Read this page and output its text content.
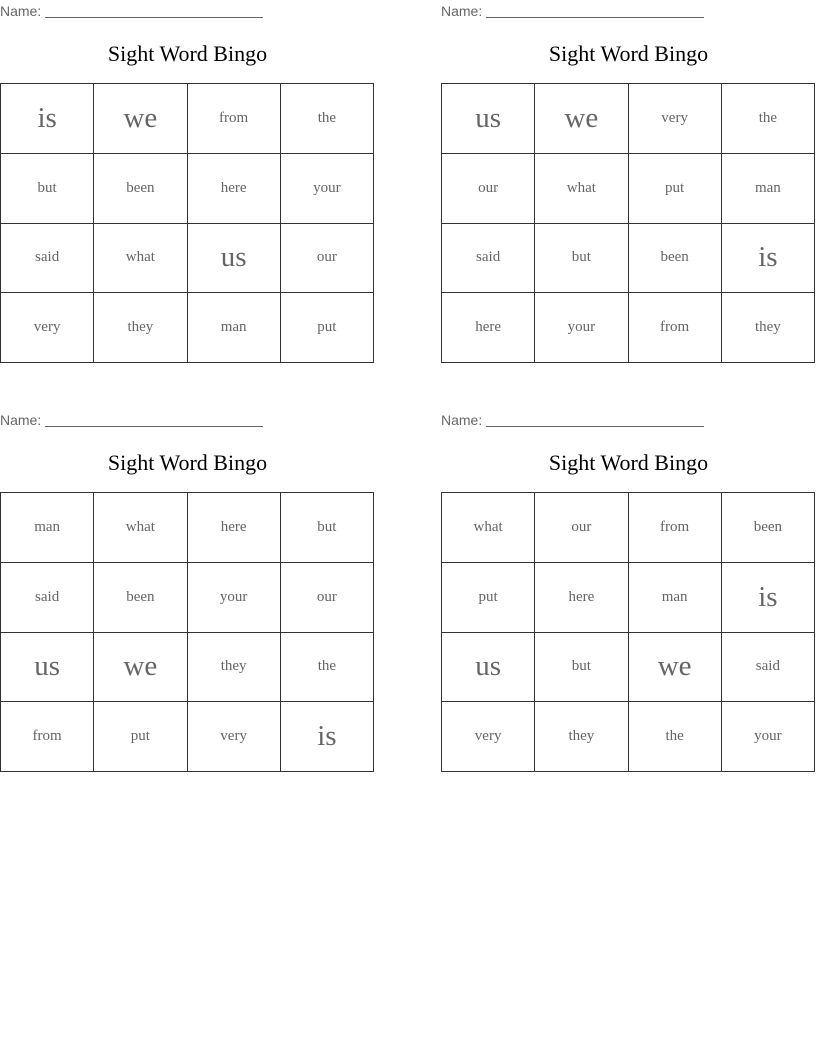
Name:
Sight Word Bingo
is	we	from	the
but	been	here	your
said	what	us	our
very	they	man	put
Name:
Sight Word Bingo
us	we	very	the
our	what	put	man
said	but	been	is
here	your	from	they
Name:
Sight Word Bingo
man	what	here	but
said	been	your	our
us	we	they	the
from	put	very	is
Name:
Sight Word Bingo
what	our	from	been
put	here	man	is
us	but	we	said
very	they	the	your
